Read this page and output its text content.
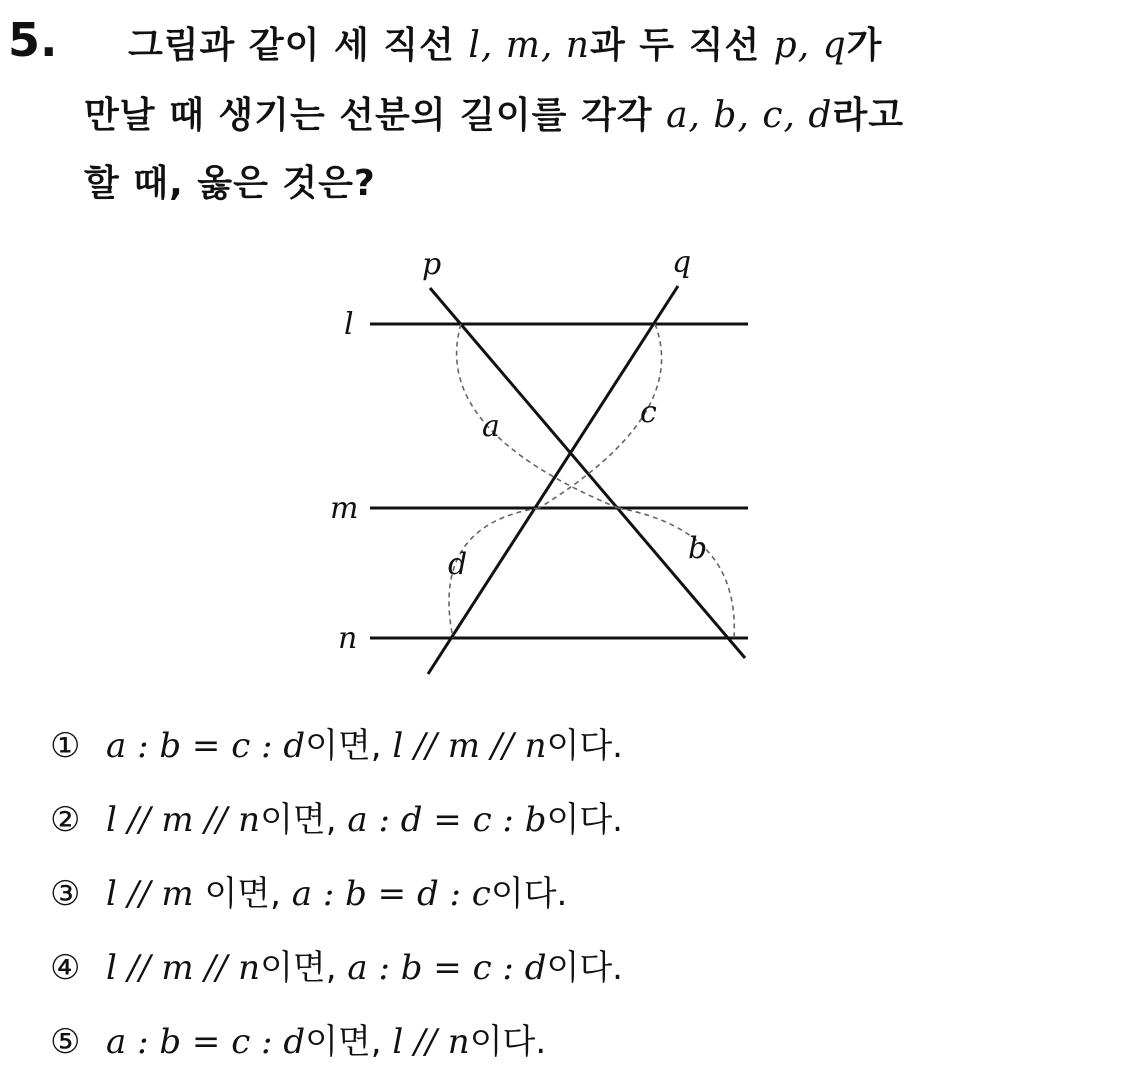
5. 그림과 같이 세 직선 l, m, n과 두 직선 p, q가
만날 때 생기는 선분의 길이를 각각 a, b, c, d라고
할 때, 옳은 것은?
p	q
l
m
n
a
b
c
d
① a : b = c : d이면, l // m // n이다.
② l // m // n이면, a : d = c : b이다.
③ l // m 이면, a : b = d : c이다.
④ l // m // n이면, a : b = c : d이다.
⑤ a : b = c : d이면, l // n이다.
